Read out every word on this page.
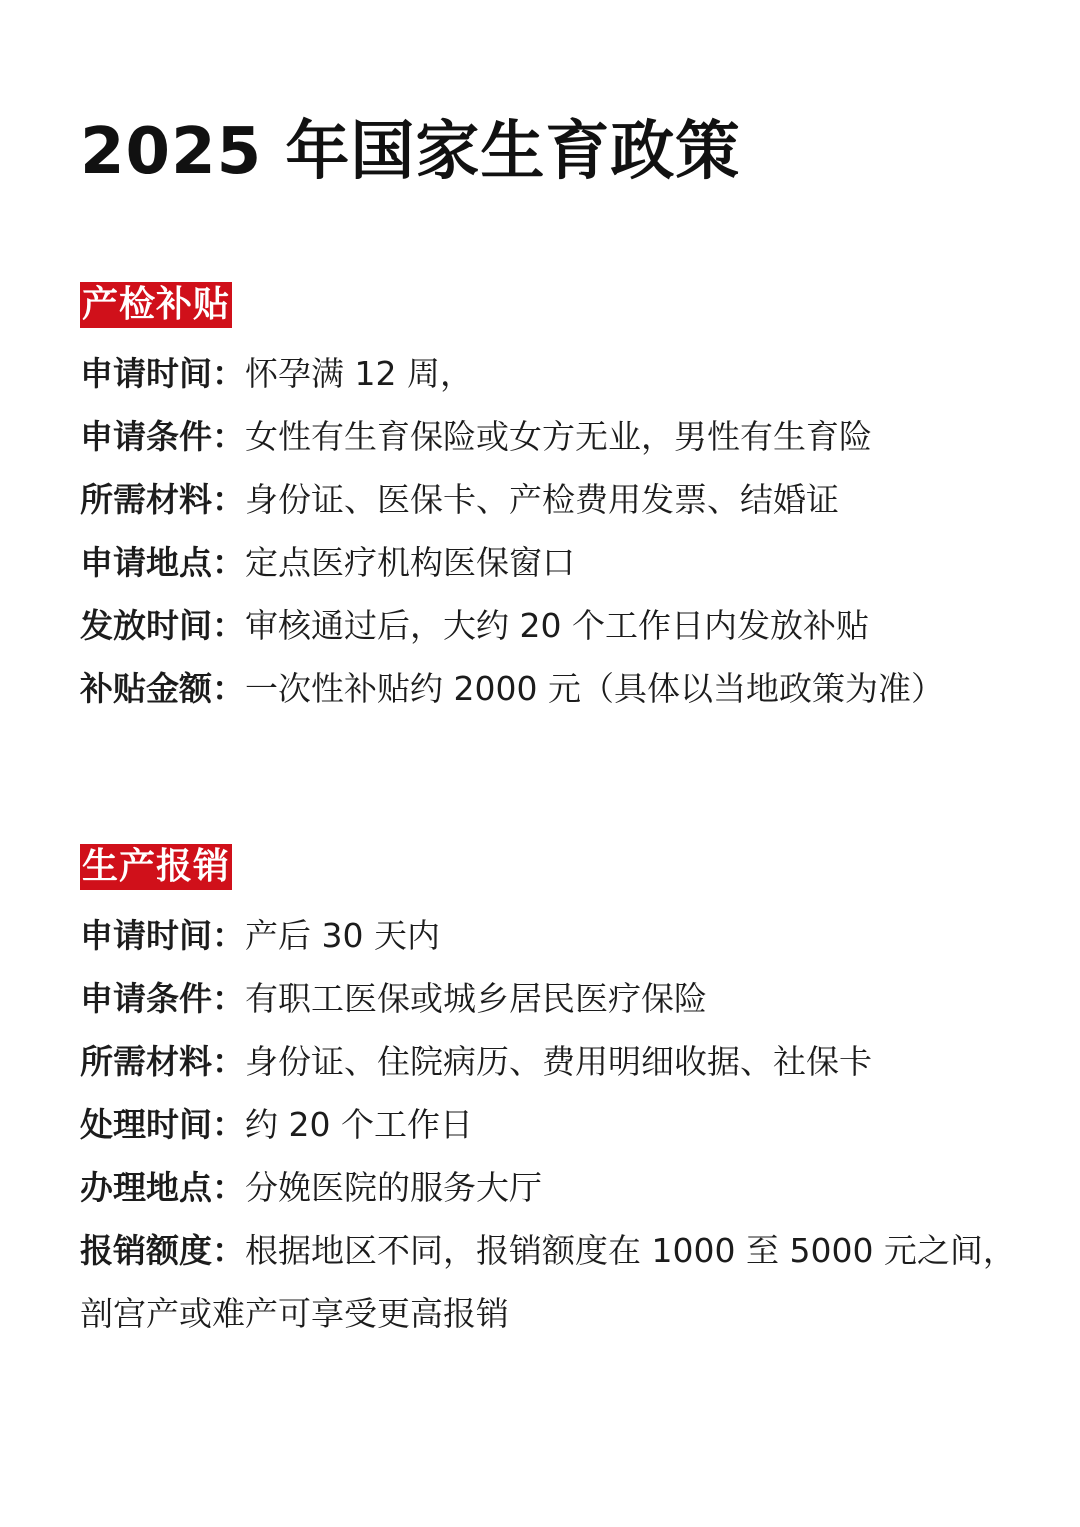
2025 年国家生育政策
产检补贴
申请时间：怀孕满 12 周，
申请条件：女性有生育保险或女方无业，男性有生育险
所需材料：身份证、医保卡、产检费用发票、结婚证
申请地点：定点医疗机构医保窗口
发放时间：审核通过后，大约 20 个工作日内发放补贴
补贴金额：一次性补贴约 2000 元（具体以当地政策为准）
生产报销
申请时间：产后 30 天内
申请条件：有职工医保或城乡居民医疗保险
所需材料：身份证、住院病历、费用明细收据、社保卡
处理时间：约 20 个工作日
办理地点：分娩医院的服务大厅
报销额度：根据地区不同，报销额度在 1000 至 5000 元之间，剖宫产或难产可享受更高报销
